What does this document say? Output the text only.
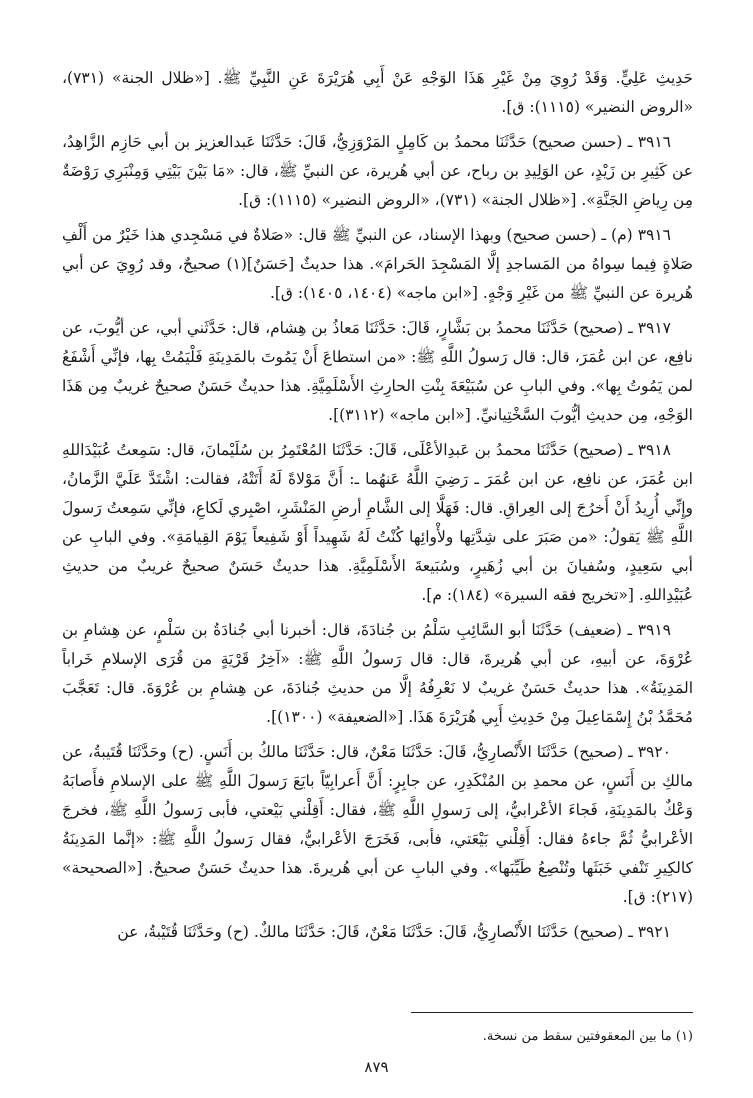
حَدِيثِ عَلِيٍّ. وَقَدْ رُوِيَ مِنْ غَيْرِ هَذَا الوَجْهِ عَنْ أَبِي هُرَيْرَةَ عَنِ النَّبِيِّ ﷺ. [«ظلال الجنة» (٧٣١)، «الروض النضير» (١١١٥): ق].

٣٩١٦ ـ (حسن صحيح) حَدَّثَنَا محمدُ بن كَامِلٍ المَرْوَزِيُّ، قَالَ: حَدَّثَنَا عَبدالعزيز بن أبي حَازِم الزَّاهِدُ، عن كَثِيرِ بن زَيْدٍ، عن الوَلِيدِ بن رباح، عن أبي هُريرة، عن النبيِّ ﷺ، قال: «مَا بَيْنَ بَيْتِي وَمِنْبَرِي رَوْضَةٌ مِن رِياضِ الجَنَّةِ». [«ظلال الجنة» (٧٣١)، «الروض النضير» (١١١٥): ق].

٣٩١٦ (م) ـ (حسن صحيح) وبهذا الإسناد، عن النبيِّ ﷺ قال: «صَلاةٌ في مَسْجِدي هذا خَيْرٌ من أَلْفِ صَلاةٍ فِيما سِواهُ من المَساجدِ إلَّا المَسْجِدَ الحَرامَ». هذا حديثٌ [حَسَنٌ](١) صحيحٌ، وقد رُوِيَ عن أبي هُريرة عن النبيِّ ﷺ من غَيْرِ وَجْهٍ. [«ابن ماجه» (١٤٠٤، ١٤٠٥): ق].

٣٩١٧ ـ (صحيح) حَدَّثَنَا محمدُ بن بَشَّارٍ، قَالَ: حَدَّثَنَا مَعاذُ بن هِشام، قال: حَدَّثَني أبي، عن أيُّوبَ، عن نافِع، عن ابن عُمَرَ، قال: قال رَسولُ اللَّهِ ﷺ: «من استطاعَ أَنْ يَمُوتَ بالمَدِينَةِ فَلْيَمُتْ بِها، فإنِّي أَشْفَعُ لمن يَمُوتُ بِها». وفي البابِ عن سُبَيْعَةَ بِنْتِ الحارِثِ الأَسْلَمِيَّةِ. هذا حديثٌ حَسَنٌ صحيحٌ غريبٌ مِن هَذَا الوَجْهِ، مِن حديثِ أيُّوبَ السَّخْتِيانيِّ. [«ابن ماجه» (٣١١٢)].

٣٩١٨ ـ (صحيح) حَدَّثَنَا محمدُ بن عَبدِالأعْلَى، قَالَ: حَدَّثَنَا المُعْتَمِرُ بن سُلَيْمانَ، قال: سَمِعتُ عُبَيْدَاللهِ ابن عُمَرَ، عن نافِع، عن ابن عُمَرَ ـ رَضِيَ اللَّهُ عَنهُما ـ: أَنَّ مَوْلاةً لَهُ أَتَتْهُ، فقالت: اشْتَدَّ عَلَيَّ الزَّمانُ، وإِنِّي أُرِيدُ أَنْ أَخرُجَ إلى العِراقِ. قال: فَهَلَّا إلى الشَّامِ أرضِ المَنْشَرِ، اصْبِري لَكاعِ، فإنِّي سَمِعتُ رَسولَ اللَّهِ ﷺ يَقولُ: «من صَبَرَ على شِدَّتِها ولأْوائِها كُنْتُ لَهُ شَهِيداً أَوْ شَفِيعاً يَوْمَ القِيامَةِ». وفي البابِ عن أبي سَعِيدٍ، وسُفيانَ بن أبي زُهَيرٍ، وسُبَيعةَ الأَسْلَمِيَّةِ. هذا حديثٌ حَسَنٌ صحيحٌ غريبٌ من حديثِ عُبَيْدِاللهِ. [«تخريج فقه السيرة» (١٨٤): م].

٣٩١٩ ـ (ضعيف) حَدَّثَنَا أبو السَّائِبِ سَلْمُ بن جُنادَةَ، قال: أخبرنا أبي جُنادَةُ بن سَلْمٍ، عن هِشامِ بن عُرْوَةَ، عن أبيهِ، عن أبي هُريرةَ، قال: قال رَسولُ اللَّهِ ﷺ: «آخِرُ قَرْيَةٍ من قُرَى الإسلامِ خَراباً المَدِينَةُ». هذا حديثٌ حَسَنٌ غريبٌ لا نَعْرِفُهُ إلَّا من حديثِ جُنادَةَ، عن هِشامِ بن عُرْوَةَ. قال: تَعَجَّبَ مُحَمَّدُ بْنُ إِسْمَاعِيلَ مِنْ حَدِيثِ أَبِي هُرَيْرَةَ هَذَا. [«الضعيفة» (١٣٠٠)].

٣٩٢٠ ـ (صحيح) حَدَّثَنَا الأَنْصارِيُّ، قَالَ: حَدَّثَنَا مَعْنٌ، قال: حَدَّثَنَا مالكُ بن أَنَسٍ. (ح) وحَدَّثَنَا قُتَيبةُ، عن مالكِ بن أَنَسٍ، عن محمدِ بن المُنْكَدِرِ، عن جابِرٍ: أَنَّ أَعرابِيّاً بايَعَ رَسولَ اللَّهِ ﷺ على الإسلامِ فأَصابَهُ وَعْكٌ بالمَدِينَةِ، فَجاءَ الأعْرابيُّ، إلى رَسولِ اللَّهِ ﷺ، فقال: أَقِلْني بَيْعتي، فأبى رَسولُ اللَّهِ ﷺ، فخرجَ الأعْرابيُّ ثُمَّ جاءهُ فقال: أَقِلْني بَيْعَتي، فأبى، فَخَرَجَ الأعْرابيُّ، فقال رَسولُ اللَّهِ ﷺ: «إنَّما المَدِينَةُ كالكِيرِ تَنْفي خَبَثَها وتُنْصِعُ طَيِّبَها». وفي البابِ عن أبي هُريرةَ. هذا حديثٌ حَسَنٌ صحيحٌ. [«الصحيحة» (٢١٧): ق].

٣٩٢١ ـ (صحيح) حَدَّثَنَا الأَنْصارِيُّ، قَالَ: حَدَّثَنَا مَعْنٌ، قَالَ: حَدَّثَنَا مالكٌ. (ح) وحَدَّثَنَا قُتَيْبةُ، عن

(١) ما بين المعقوفتين سقط من نسخة.
٨٧٩
